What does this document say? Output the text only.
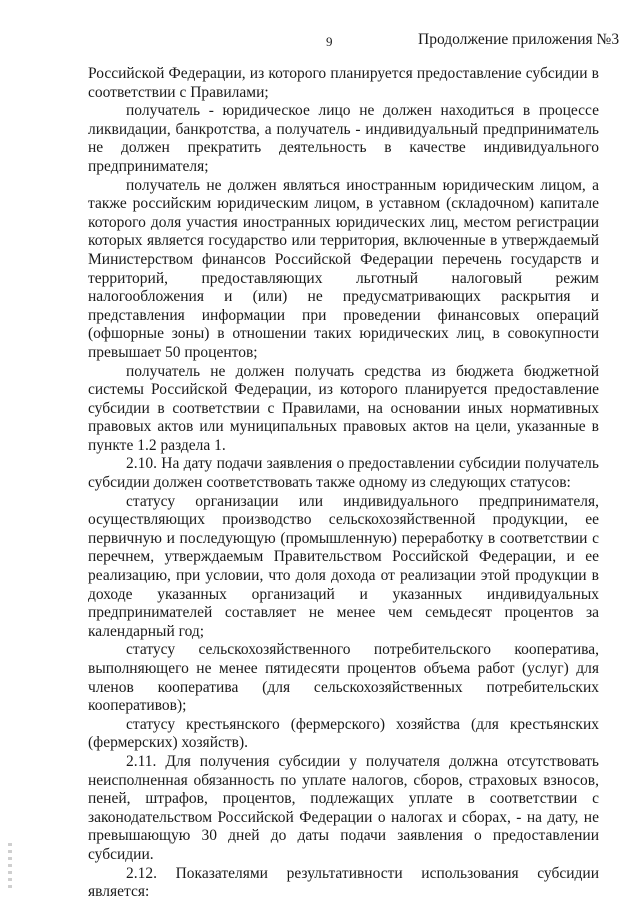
9	Продолжение приложения №3

Российской Федерации, из которого планируется предоставление субсидии в соответствии с Правилами;

получатель - юридическое лицо не должен находиться в процессе ликвидации, банкротства, а получатель - индивидуальный предприниматель не должен прекратить деятельность в качестве индивидуального предпринимателя;

получатель не должен являться иностранным юридическим лицом, а также российским юридическим лицом, в уставном (складочном) капитале которого доля участия иностранных юридических лиц, местом регистрации которых является государство или территория, включенные в утверждаемый Министерством финансов Российской Федерации перечень государств и территорий, предоставляющих льготный налоговый режим налогообложения и (или) не предусматривающих раскрытия и представления информации при проведении финансовых операций (офшорные зоны) в отношении таких юридических лиц, в совокупности превышает 50 процентов;

получатель не должен получать средства из бюджета бюджетной системы Российской Федерации, из которого планируется предоставление субсидии в соответствии с Правилами, на основании иных нормативных правовых актов или муниципальных правовых актов на цели, указанные в пункте 1.2 раздела 1.

2.10. На дату подачи заявления о предоставлении субсидии получатель субсидии должен соответствовать также одному из следующих статусов:

статусу организации или индивидуального предпринимателя, осуществляющих производство сельскохозяйственной продукции, ее первичную и последующую (промышленную) переработку в соответствии с перечнем, утверждаемым Правительством Российской Федерации, и ее реализацию, при условии, что доля дохода от реализации этой продукции в доходе указанных организаций и указанных индивидуальных предпринимателей составляет не менее чем семьдесят процентов за календарный год;

статусу сельскохозяйственного потребительского кооператива, выполняющего не менее пятидесяти процентов объема работ (услуг) для членов кооператива (для сельскохозяйственных потребительских кооперативов);

статусу крестьянского (фермерского) хозяйства (для крестьянских (фермерских) хозяйств).

2.11. Для получения субсидии у получателя должна отсутствовать неисполненная обязанность по уплате налогов, сборов, страховых взносов, пеней, штрафов, процентов, подлежащих уплате в соответствии с законодательством Российской Федерации о налогах и сборах, - на дату, не превышающую 30 дней до даты подачи заявления о предоставлении субсидии.

2.12. Показателями результативности использования субсидии является:
